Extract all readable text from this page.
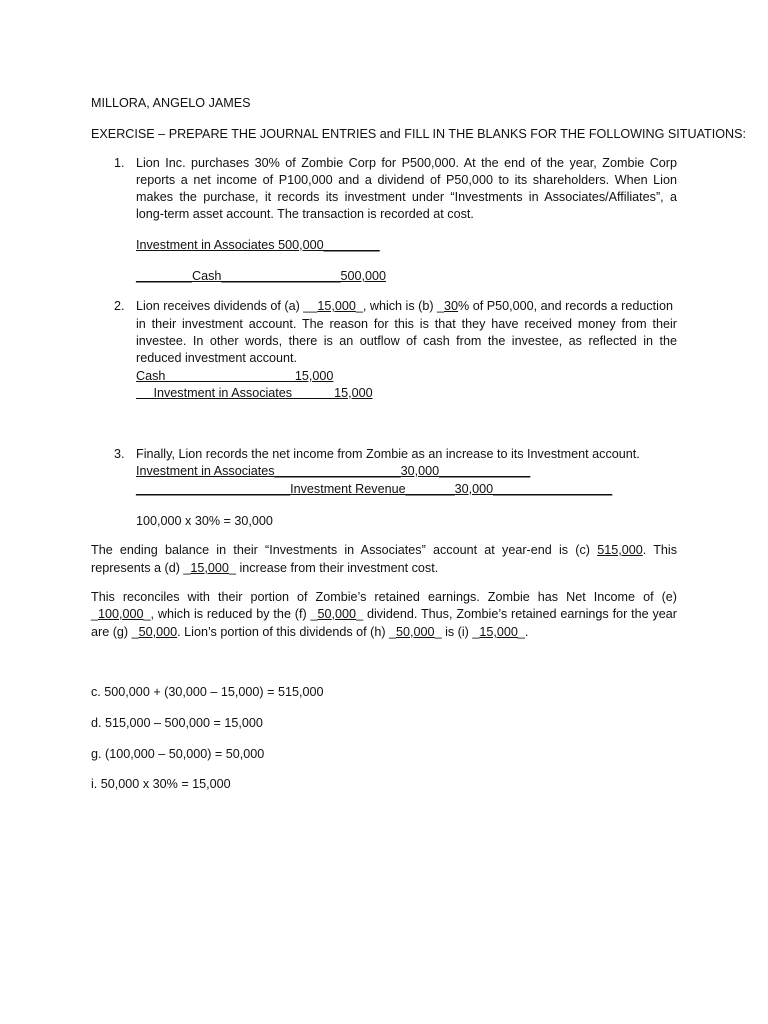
MILLORA, ANGELO JAMES
EXERCISE – PREPARE THE JOURNAL ENTRIES and FILL IN THE BLANKS FOR THE FOLLOWING SITUATIONS:
1. Lion Inc. purchases 30% of Zombie Corp for P500,000. At the end of the year, Zombie Corp reports a net income of P100,000 and a dividend of P50,000 to its shareholders. When Lion makes the purchase, it records its investment under “Investments in Associates/Affiliates”, a long-term asset account. The transaction is recorded at cost.
Investment in Associates 500,000________
________Cash_________________500,000
2. Lion receives dividends of (a) __15,000_, which is (b) _30% of P50,000, and records a reduction
in their investment account. The reason for this is that they have received money from their investee. In other words, there is an outflow of cash from the investee, as reflected in the reduced investment account.
Cash                                     15,000
Investment in Associates            15,000
3. Finally, Lion records the net income from Zombie as an increase to its Investment account.
Investment in Associates__________________30,000_____________
______________________Investment Revenue_______30,000_________________
100,000 x 30% = 30,000
The ending balance in their “Investments in Associates” account at year-end is (c) 515,000. This
represents a (d) _15,000_ increase from their investment cost.
This reconciles with their portion of Zombie’s retained earnings. Zombie has Net Income of (e)
_100,000_, which is reduced by the (f) _50,000_ dividend. Thus, Zombie’s retained earnings for the year
are (g) _50,000. Lion’s portion of this dividends of (h) _50,000_ is (i) _15,000_.
c. 500,000 + (30,000 – 15,000) = 515,000
d. 515,000 – 500,000 = 15,000
g. (100,000 – 50,000) = 50,000
i. 50,000 x 30% = 15,000
